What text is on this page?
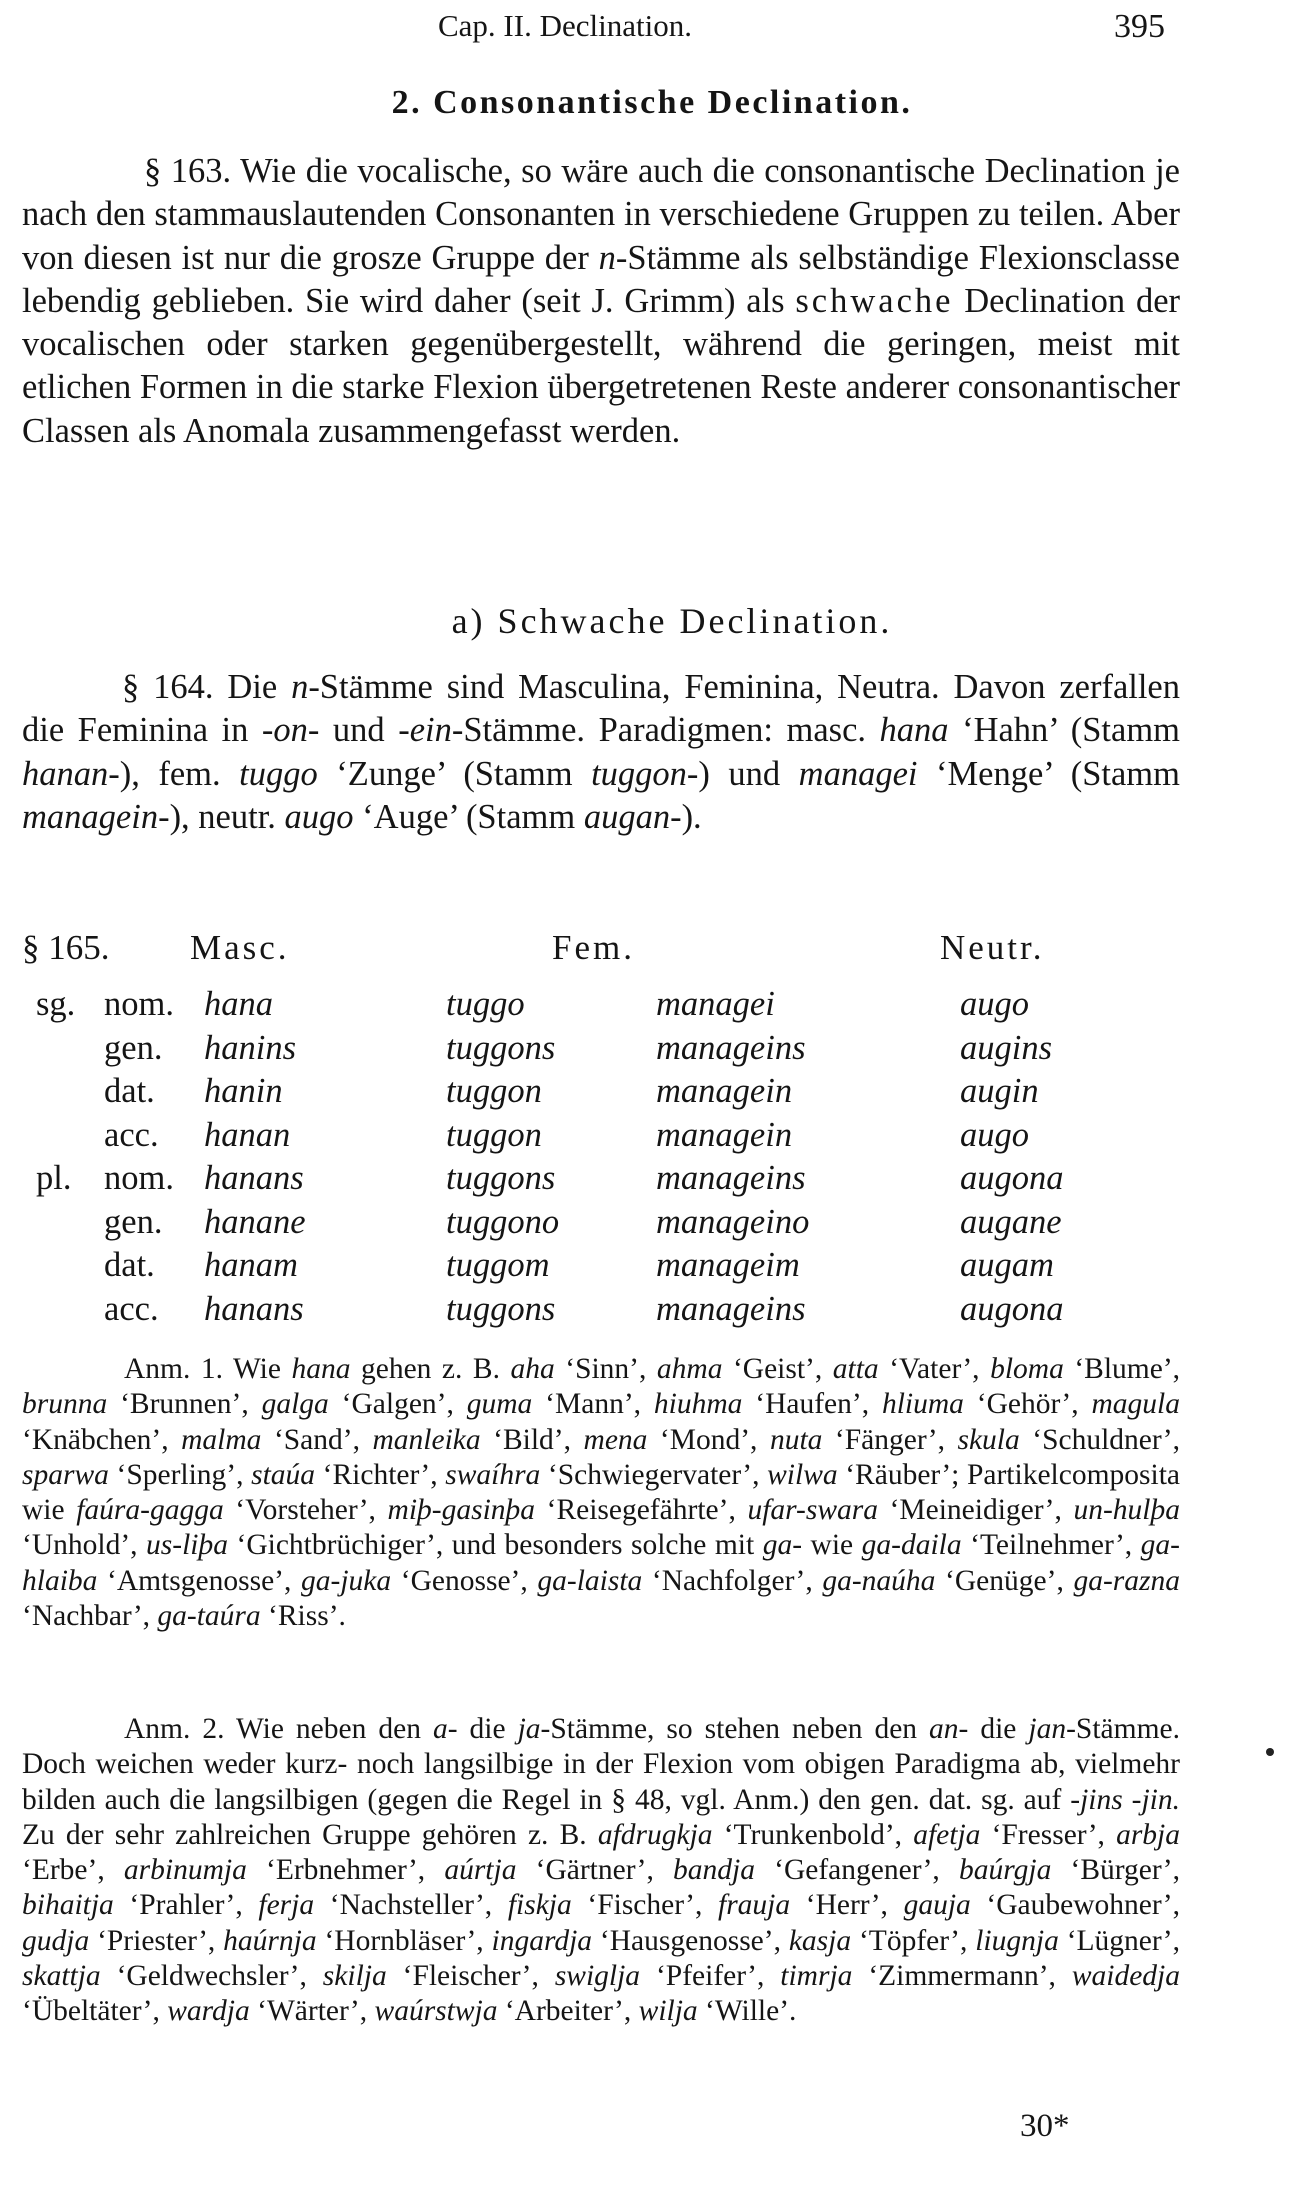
Cap. II. Declination.	395
2. Consonantische Declination.

§ 163. Wie die vocalische, so wäre auch die consonantische Declination je nach den stammauslautenden Consonanten in verschiedene Gruppen zu teilen. Aber von diesen ist nur die grosze Gruppe der n-Stämme als selbständige Flexionsclasse lebendig geblieben. Sie wird daher (seit J. Grimm) als schwache Declination der vocalischen oder starken gegenübergestellt, während die geringen, meist mit etlichen Formen in die starke Flexion übergetretenen Reste anderer consonantischer Classen als Anomala zusammengefasst werden.

a) Schwache Declination.

§ 164. Die n-Stämme sind Masculina, Feminina, Neutra. Davon zerfallen die Feminina in -on- und -ein-Stämme. Paradigmen: masc. hana ‘Hahn’ (Stamm hanan-), fem. tuggo ‘Zunge’ (Stamm tuggon-) und managei ‘Menge’ (Stamm managein-), neutr. augo ‘Auge’ (Stamm augan-).

§ 165. Masc.	Fem.	Neutr.
sg. nom. hana	tuggo	managei	augo
gen. hanins	tuggons	manageins	augins
dat. hanin	tuggon	managein	augin
acc. hanan	tuggon	managein	augo
pl. nom. hanans	tuggons	manageins	augona
gen. hanane	tuggono	manageino	augane
dat. hanam	tuggom	manageim	augam
acc. hanans	tuggons	manageins	augona

Anm. 1. Wie hana gehen z. B. aha ‘Sinn’, ahma ‘Geist’, atta ‘Vater’, bloma ‘Blume’, brunna ‘Brunnen’, galga ‘Galgen’, guma ‘Mann’, hiuhma ‘Haufen’, hliuma ‘Gehör’, magula ‘Knäbchen’, malma ‘Sand’, manleika ‘Bild’, mena ‘Mond’, nuta ‘Fänger’, skula ‘Schuldner’, sparwa ‘Sperling’, staúa ‘Richter’, swaíhra ‘Schwiegervater’, wilwa ‘Räuber’; Partikelcomposita wie faúra-gagga ‘Vorsteher’, miþ-gasinþa ‘Reisegefährte’, ufar-swara ‘Meineidiger’, un-hulþa ‘Unhold’, us-liþa ‘Gichtbrüchiger’, und besonders solche mit ga- wie ga-daila ‘Teilnehmer’, ga-hlaiba ‘Amtsgenosse’, ga-juka ‘Genosse’, ga-laista ‘Nachfolger’, ga-naúha ‘Genüge’, ga-razna ‘Nachbar’, ga-taúra ‘Riss’.

Anm. 2. Wie neben den a- die ja-Stämme, so stehen neben den an- die jan-Stämme. Doch weichen weder kurz- noch langsilbige in der Flexion vom obigen Paradigma ab, vielmehr bilden auch die langsilbigen (gegen die Regel in § 48, vgl. Anm.) den gen. dat. sg. auf -jins -jin. Zu der sehr zahlreichen Gruppe gehören z. B. afdrugkja ‘Trunkenbold’, afetja ‘Fresser’, arbja ‘Erbe’, arbinumja ‘Erbnehmer’, aúrtja ‘Gärtner’, bandja ‘Gefangener’, baúrgja ‘Bürger’, bihaitja ‘Prahler’, ferja ‘Nachsteller’, fiskja ‘Fischer’, frauja ‘Herr’, gauja ‘Gaubewohner’, gudja ‘Priester’, haúrnja ‘Hornbläser’, ingardja ‘Hausgenosse’, kasja ‘Töpfer’, liugnja ‘Lügner’, skattja ‘Geldwechsler’, skilja ‘Fleischer’, swiglja ‘Pfeifer’, timrja ‘Zimmermann’, waidedja ‘Übeltäter’, wardja ‘Wärter’, waúrstwja ‘Arbeiter’, wilja ‘Wille’.

30*
